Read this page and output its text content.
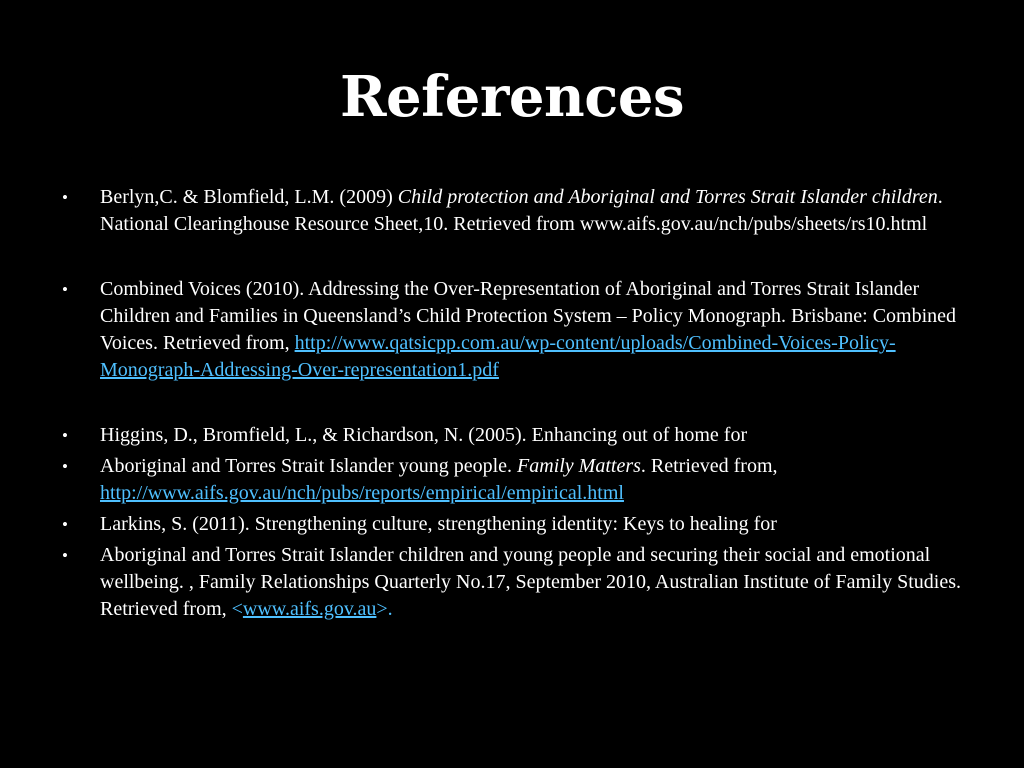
References
• Berlyn,C. & Blomfield, L.M. (2009) Child protection and Aboriginal and Torres Strait Islander children. National Clearinghouse Resource Sheet,10. Retrieved from www.aifs.gov.au/nch/pubs/sheets/rs10.html
• Combined Voices (2010). Addressing the Over-Representation of Aboriginal and Torres Strait Islander Children and Families in Queensland’s Child Protection System – Policy Monograph. Brisbane: Combined Voices. Retrieved from, http://www.qatsicpp.com.au/wp-content/uploads/Combined-Voices-Policy-Monograph-Addressing-Over-representation1.pdf
• Higgins, D., Bromfield, L., & Richardson, N. (2005). Enhancing out of home for
• Aboriginal and Torres Strait Islander young people. Family Matters. Retrieved from, http://www.aifs.gov.au/nch/pubs/reports/empirical/empirical.html
• Larkins, S. (2011). Strengthening culture, strengthening identity: Keys to healing for
• Aboriginal and Torres Strait Islander children and young people and securing their social and emotional wellbeing. , Family Relationships Quarterly No.17, September 2010, Australian Institute of Family Studies. Retrieved from, <www.aifs.gov.au>.
